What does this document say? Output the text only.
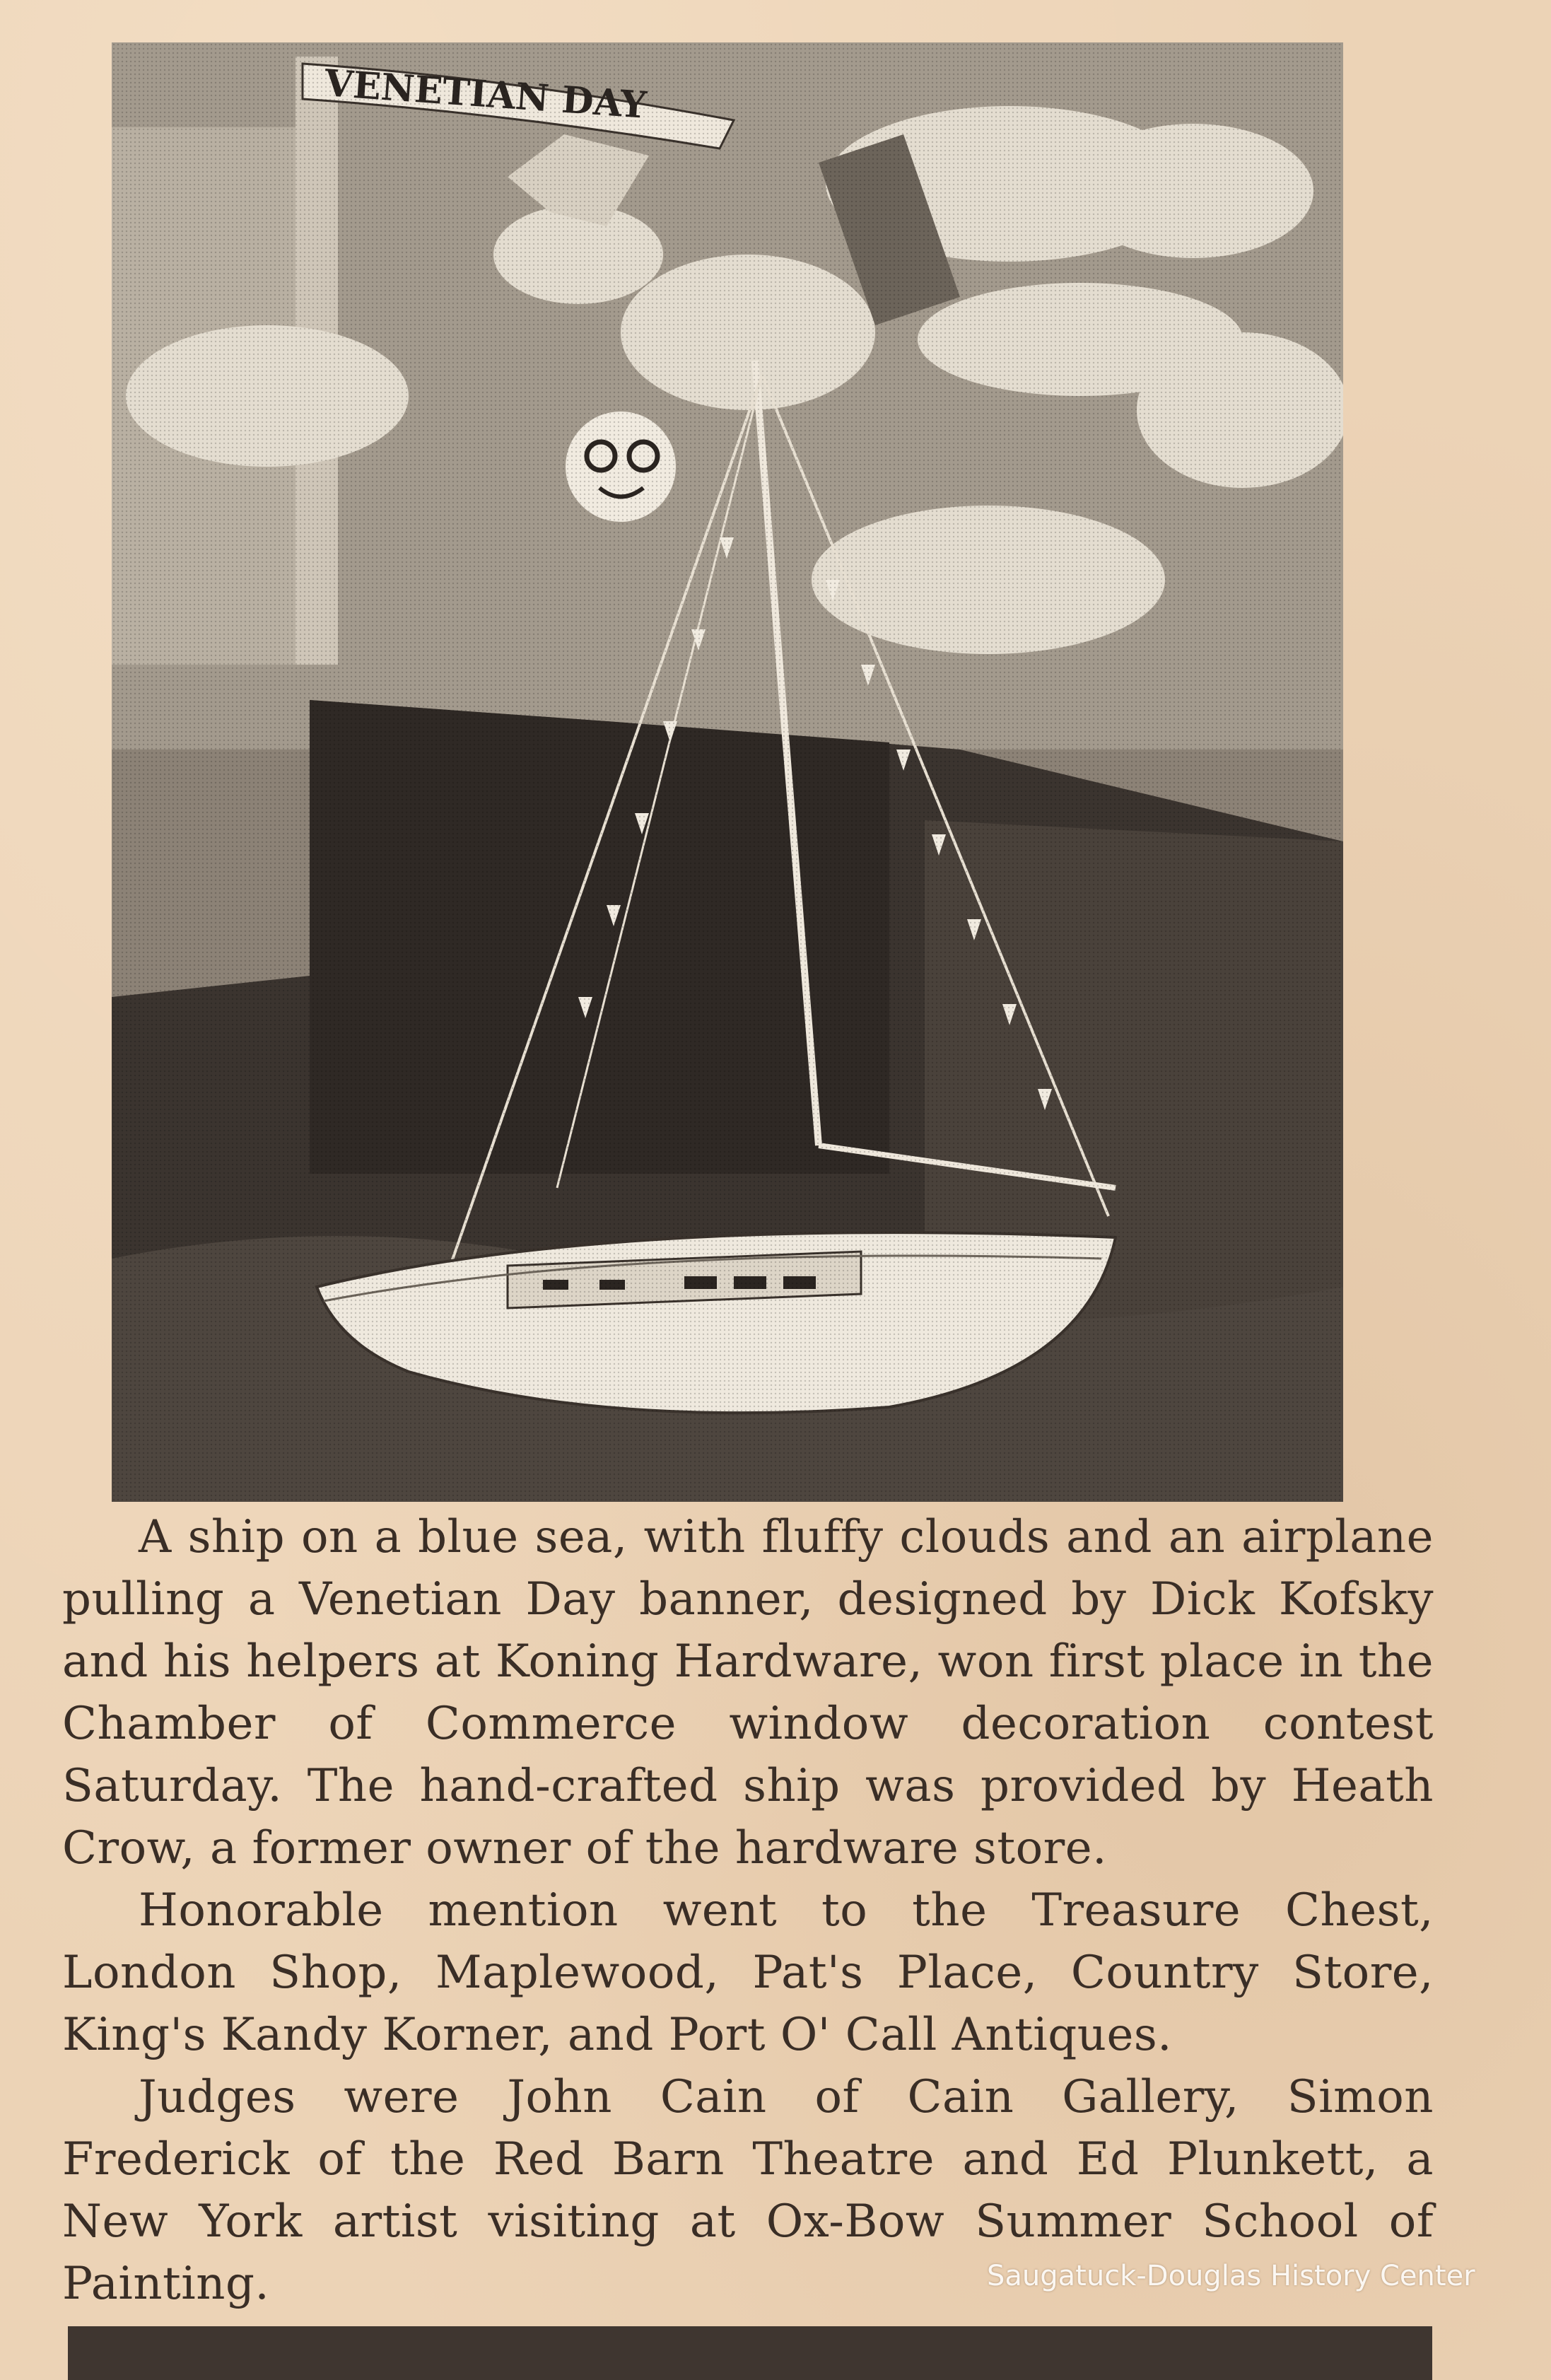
A ship on a blue sea, with fluffy clouds and an airplane pulling a Venetian Day banner, designed by Dick Kofsky and his helpers at Koning Hardware, won first place in the Chamber of Commerce window decoration contest Saturday. The hand-crafted ship was provided by Heath Crow, a former owner of the hardware store.

Honorable mention went to the Treasure Chest, London Shop, Maplewood, Pat's Place, Country Store, King's Kandy Korner, and Port O' Call Antiques.

Judges were John Cain of Cain Gallery, Simon Frederick of the Red Barn Theatre and Ed Plunkett, a New York artist visiting at Ox-Bow Summer School of Painting.	Saugatuck-Douglas History Center
